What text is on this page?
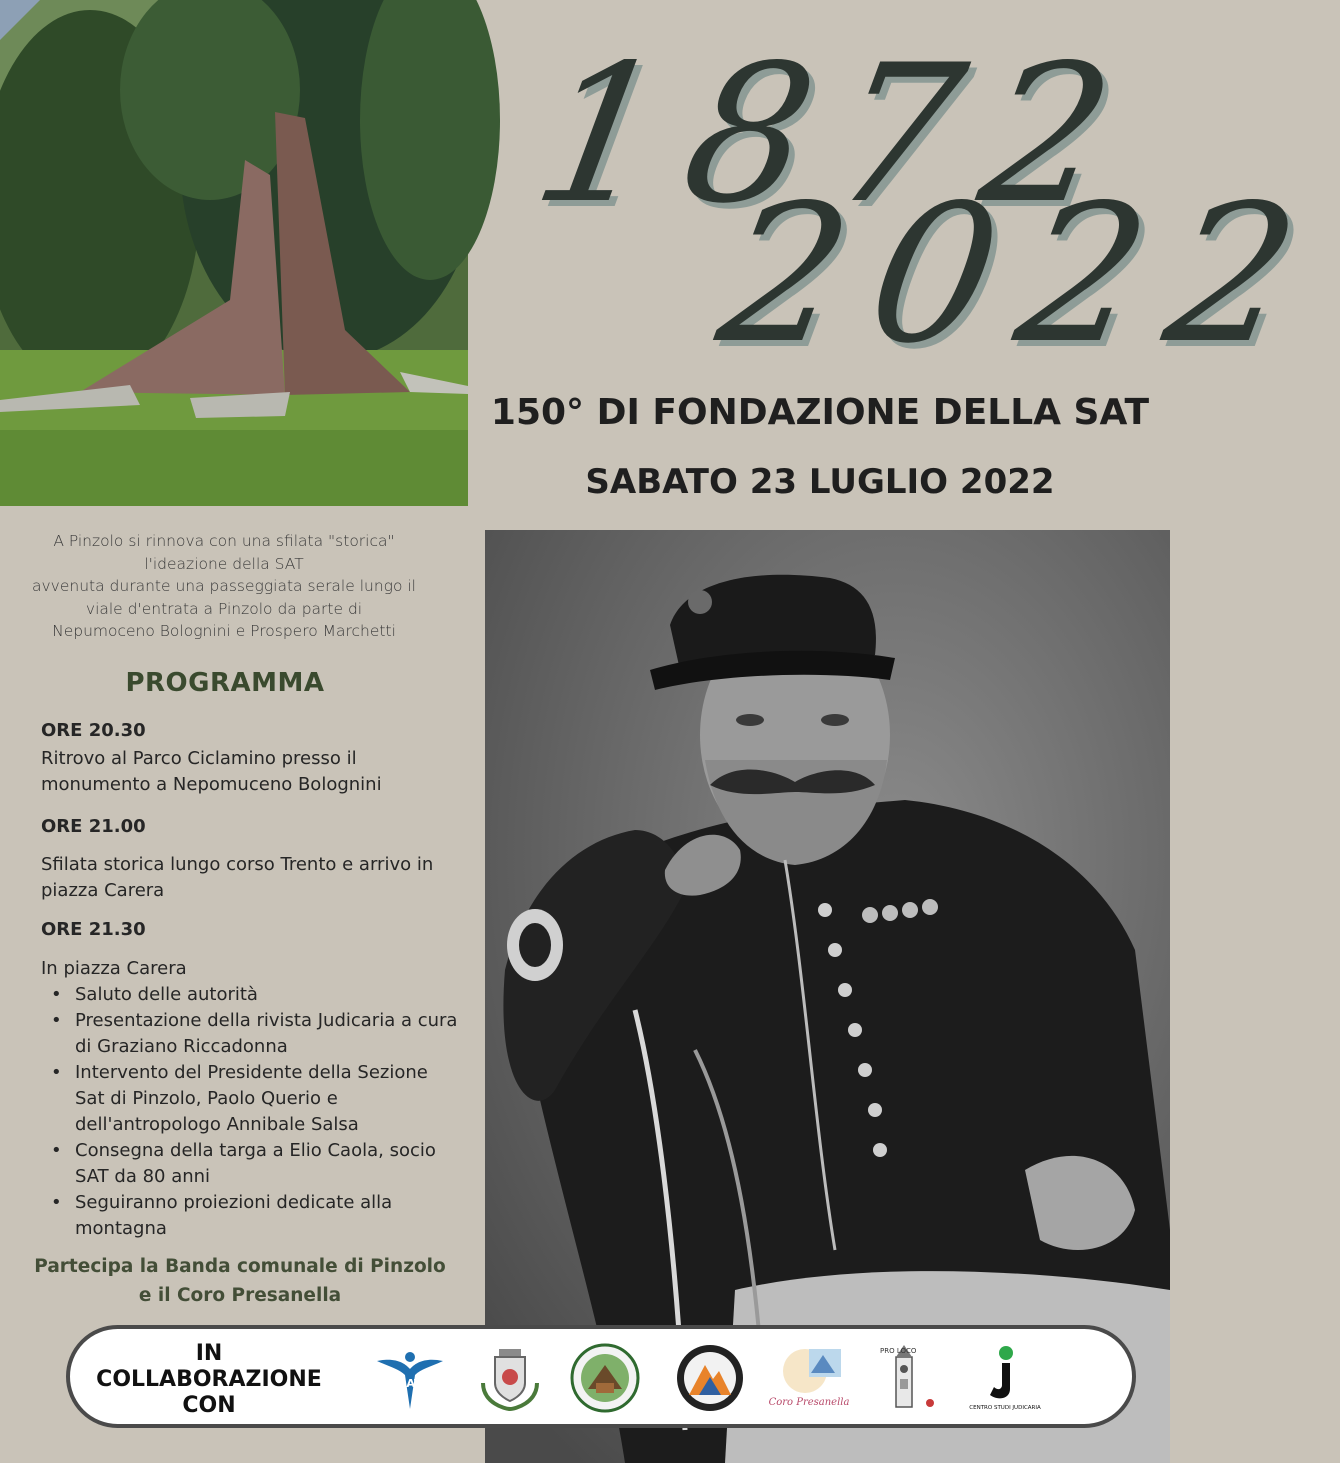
1872
2022
150° DI FONDAZIONE DELLA SAT
SABATO 23 LUGLIO 2022
A Pinzolo si rinnova con una sfilata "storica"
l'ideazione della SAT
avvenuta durante una passeggiata serale lungo il
viale d'entrata a Pinzolo da parte di
Nepumoceno Bolognini e Prospero Marchetti
PROGRAMMA
ORE 20.30
Ritrovo al Parco Ciclamino presso il monumento a Nepomuceno Bolognini
ORE 21.00
Sfilata storica lungo corso Trento e arrivo in piazza Carera
ORE 21.30
In piazza Carera
• Saluto delle autorità
• Presentazione della rivista Judicaria a cura di Graziano Riccadonna
• Intervento del Presidente della Sezione Sat di Pinzolo, Paolo Querio e dell'antropologo Annibale Salsa
• Consegna della targa a Elio Caola, socio SAT da 80 anni
• Seguiranno proiezioni dedicate alla montagna
Partecipa la Banda comunale di Pinzolo
e il Coro Presanella
IN
COLLABORAZIONE
CON
SAT
Coro Presanella
PRO LOCO
CENTRO STUDI JUDICARIA
